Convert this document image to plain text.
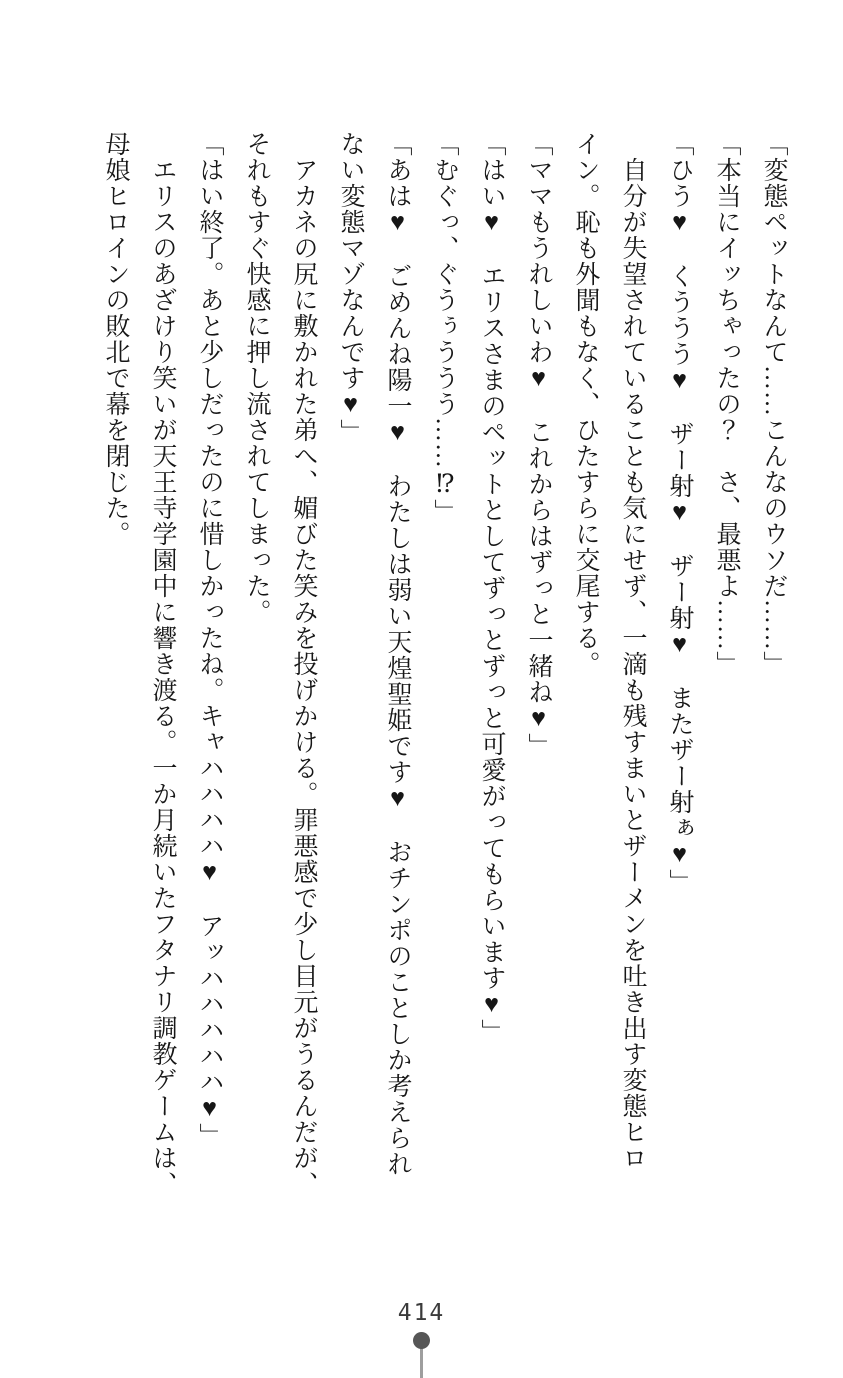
「変態ペットなんて……こんなのウソだ……」

「本当にイッちゃったの？　さ、最悪よ……」

「ひう♥　くううう♥　ザー射♥　ザー射♥　またザー射ぁ♥」

　自分が失望されていることも気にせず、一滴も残すまいとザーメンを吐き出す変態ヒロ

イン。恥も外聞もなく、ひたすらに交尾する。

「ママもうれしいわ♥　これからはずっと一緒ね♥」

「はい♥　エリスさまのペットとしてずっとずっと可愛がってもらいます♥」

「むぐっ、ぐうぅううう……⁉」

「あは♥　ごめんね陽一♥　わたしは弱い天煌聖姫です♥　おチンポのことしか考えられ

ない変態マゾなんです♥」

　アカネの尻に敷かれた弟へ、媚びた笑みを投げかける。罪悪感で少し目元がうるんだが、

それもすぐ快感に押し流されてしまった。

「はい終了。あと少しだったのに惜しかったね。キャハハハハ♥　アッハハハハハ♥」

　エリスのあざけり笑いが天王寺学園中に響き渡る。一か月続いたフタナリ調教ゲームは、

母娘ヒロインの敗北で幕を閉じた。

414
